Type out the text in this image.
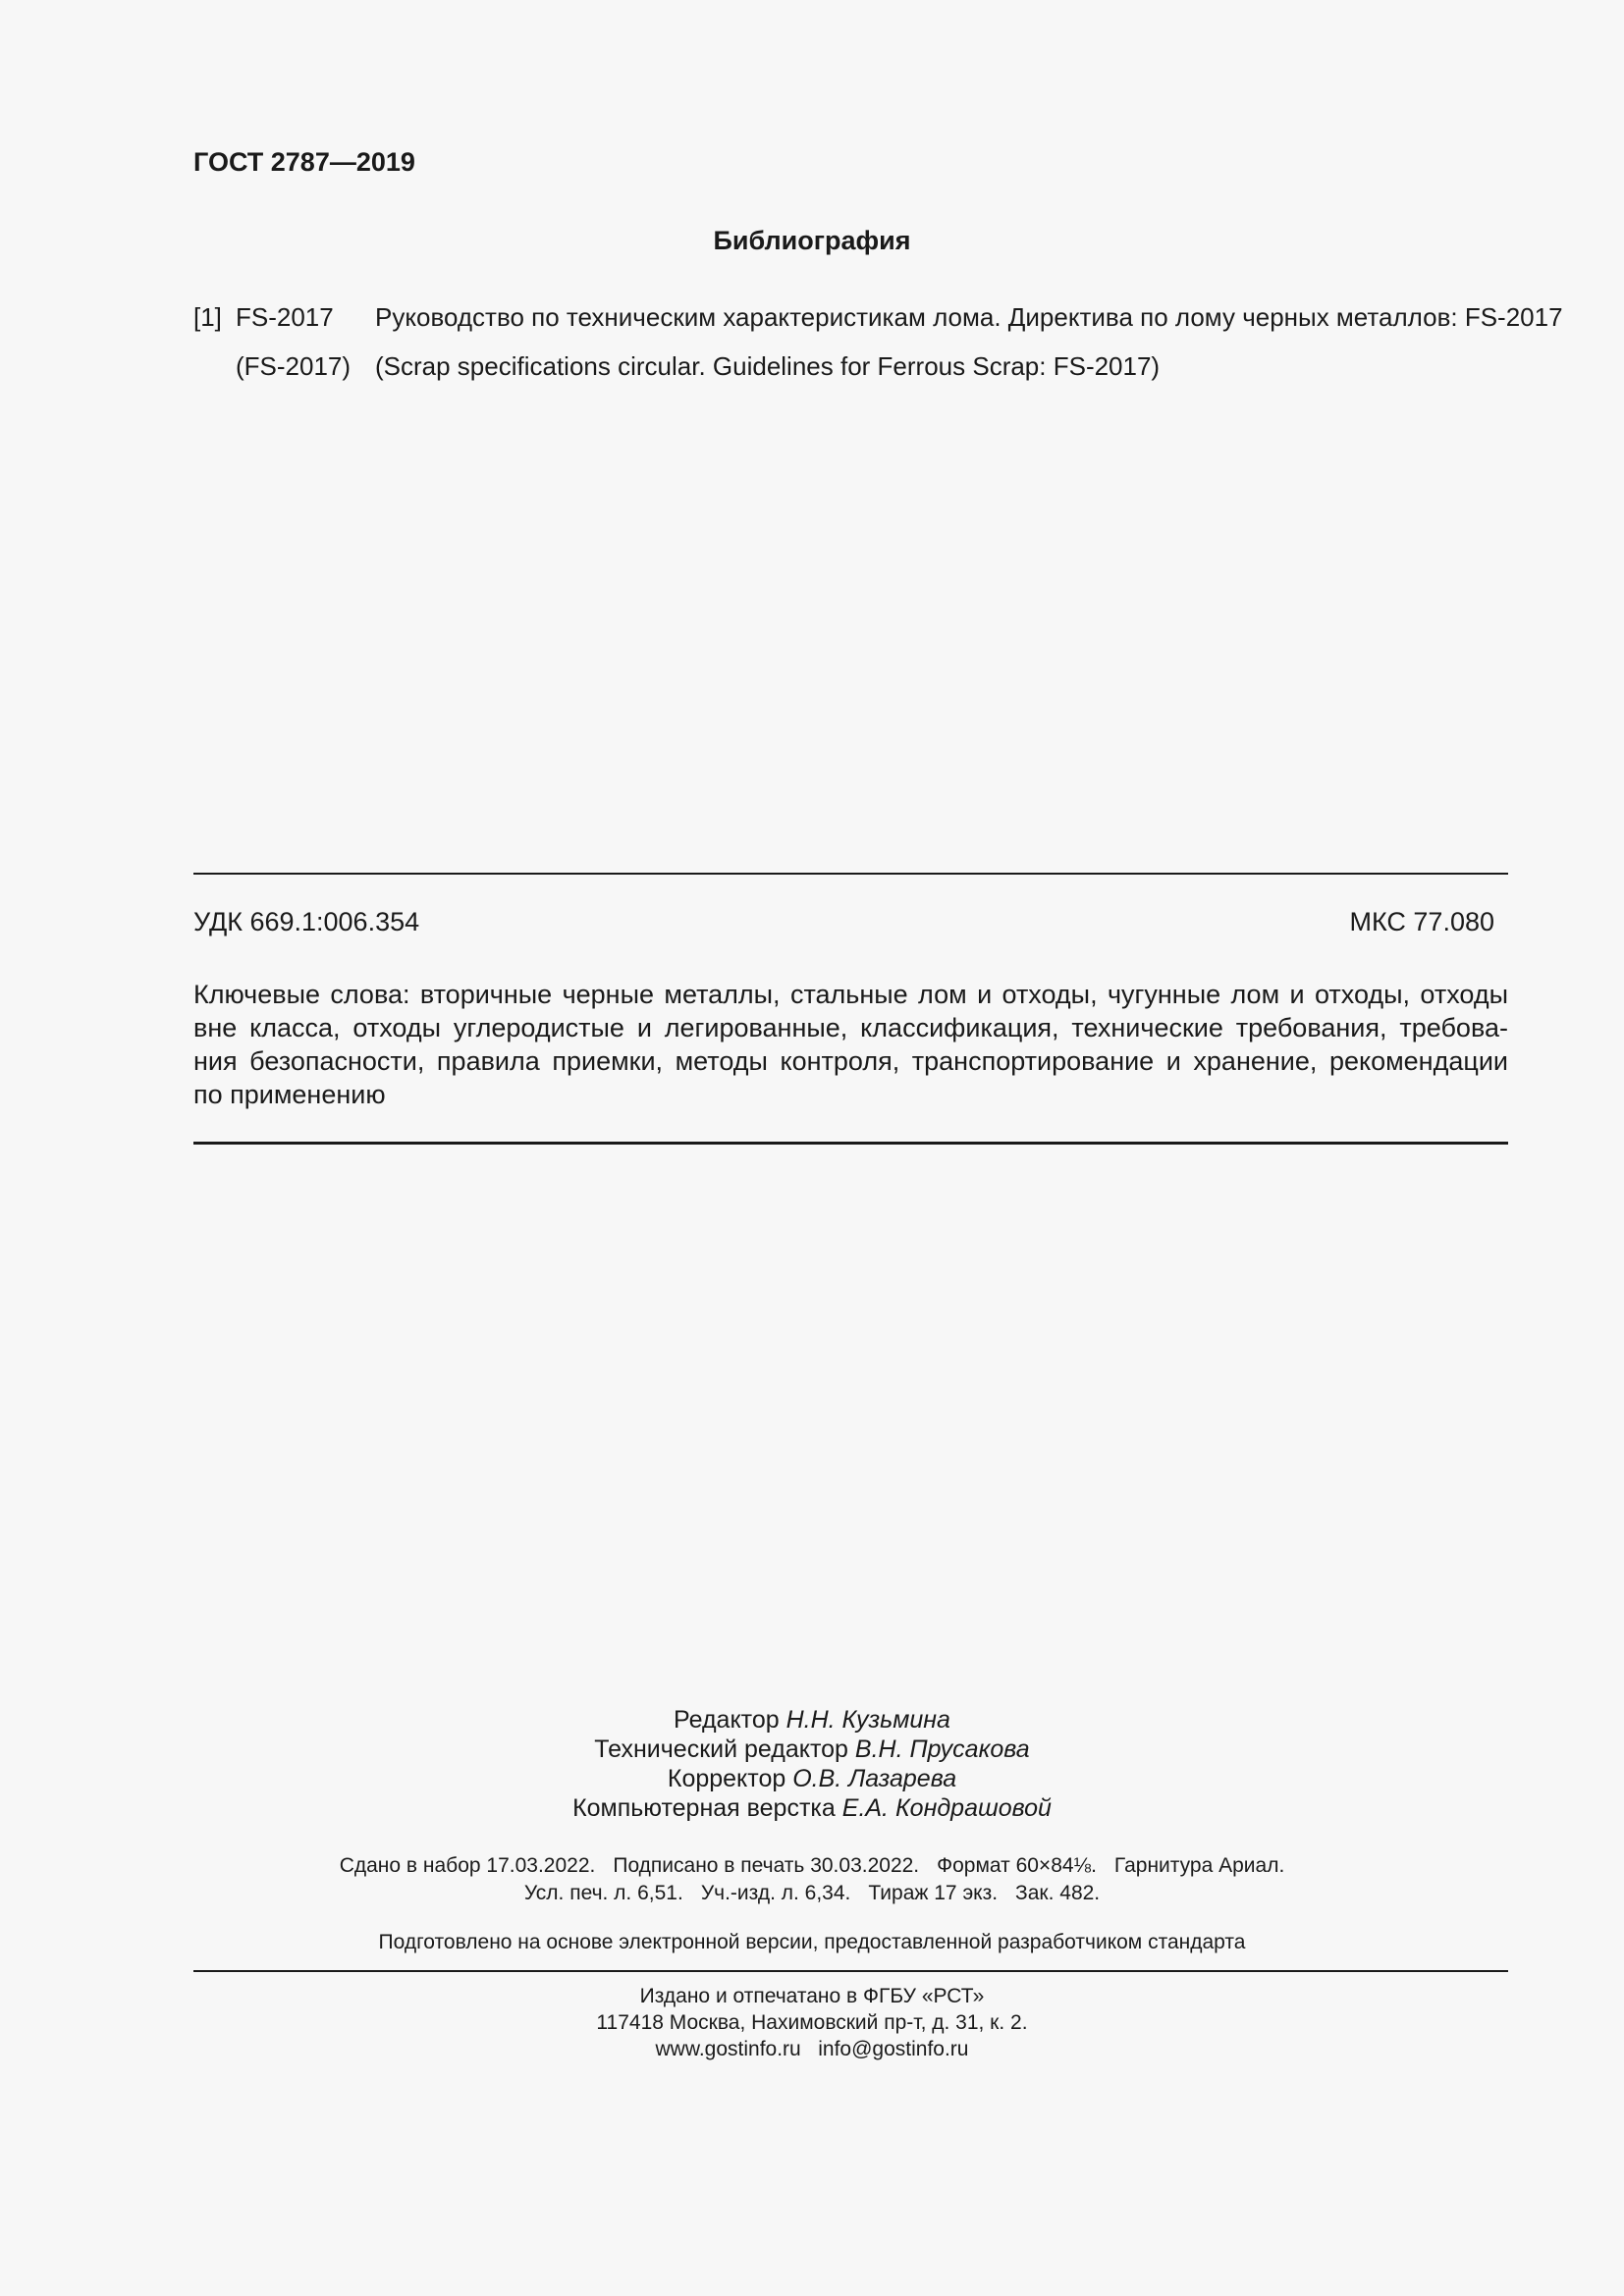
ГОСТ 2787—2019
Библиография
[1] FS-2017 Руководство по техническим характеристикам лома. Директива по лому черных металлов: FS-2017
(FS-2017) (Scrap specifications circular. Guidelines for Ferrous Scrap: FS-2017)
УДК 669.1:006.354	МКС 77.080
Ключевые слова: вторичные черные металлы, стальные лом и отходы, чугунные лом и отходы, отходы
вне класса, отходы углеродистые и легированные, классификация, технические требования, требова-
ния безопасности, правила приемки, методы контроля, транспортирование и хранение, рекомендации
по применению
Редактор Н.Н. Кузьмина
Технический редактор В.Н. Прусакова
Корректор О.В. Лазарева
Компьютерная верстка Е.А. Кондрашовой
Сдано в набор 17.03.2022. Подписано в печать 30.03.2022. Формат 60×84⅛. Гарнитура Ариал.
Усл. печ. л. 6,51. Уч.-изд. л. 6,34. Тираж 17 экз. Зак. 482.
Подготовлено на основе электронной версии, предоставленной разработчиком стандарта
Издано и отпечатано в ФГБУ «РСТ»
117418 Москва, Нахимовский пр-т, д. 31, к. 2.
www.gostinfo.ru info@gostinfo.ru
